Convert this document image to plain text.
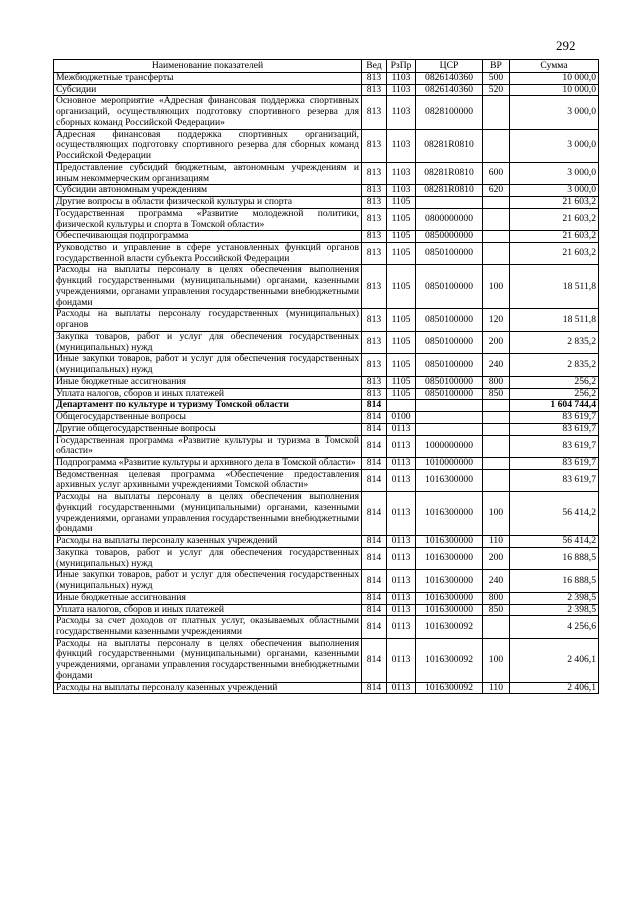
292
Наименование показателей	Вед	РзПр	ЦСР	ВР	Сумма
Межбюджетные трансферты	813	1103	0826140360	500	10 000,0
Субсидии	813	1103	0826140360	520	10 000,0
Основное мероприятие «Адресная финансовая поддержка спортивных организаций, осуществляющих подготовку спортивного резерва для сборных команд Российской Федерации»	813	1103	0828100000		3 000,0
Адресная финансовая поддержка спортивных организаций, осуществляющих подготовку спортивного резерва для сборных команд Российской Федерации	813	1103	08281R0810		3 000,0
Предоставление субсидий бюджетным, автономным учреждениям и иным некоммерческим организациям	813	1103	08281R0810	600	3 000,0
Субсидии автономным учреждениям	813	1103	08281R0810	620	3 000,0
Другие вопросы в области физической культуры и спорта	813	1105			21 603,2
Государственная программа «Развитие молодежной политики, физической культуры и спорта в Томской области»	813	1105	0800000000		21 603,2
Обеспечивающая подпрограмма	813	1105	0850000000		21 603,2
Руководство и управление в сфере установленных функций органов государственной власти субъекта Российской Федерации	813	1105	0850100000		21 603,2
Расходы на выплаты персоналу в целях обеспечения выполнения функций государственными (муниципальными) органами, казенными учреждениями, органами управления государственными внебюджетными фондами	813	1105	0850100000	100	18 511,8
Расходы на выплаты персоналу государственных (муниципальных) органов	813	1105	0850100000	120	18 511,8
Закупка товаров, работ и услуг для обеспечения государственных (муниципальных) нужд	813	1105	0850100000	200	2 835,2
Иные закупки товаров, работ и услуг для обеспечения государственных (муниципальных) нужд	813	1105	0850100000	240	2 835,2
Иные бюджетные ассигнования	813	1105	0850100000	800	256,2
Уплата налогов, сборов и иных платежей	813	1105	0850100000	850	256,2
Департамент по культуре и туризму Томской области	814				1 604 744,4
Общегосударственные вопросы	814	0100			83 619,7
Другие общегосударственные вопросы	814	0113			83 619,7
Государственная программа «Развитие культуры и туризма в Томской области»	814	0113	1000000000		83 619,7
Подпрограмма «Развитие культуры и архивного дела в Томской области»	814	0113	1010000000		83 619,7
Ведомственная целевая программа «Обеспечение предоставления архивных услуг архивными учреждениями Томской области»	814	0113	1016300000		83 619,7
Расходы на выплаты персоналу в целях обеспечения выполнения функций государственными (муниципальными) органами, казенными учреждениями, органами управления государственными внебюджетными фондами	814	0113	1016300000	100	56 414,2
Расходы на выплаты персоналу казенных учреждений	814	0113	1016300000	110	56 414,2
Закупка товаров, работ и услуг для обеспечения государственных (муниципальных) нужд	814	0113	1016300000	200	16 888,5
Иные закупки товаров, работ и услуг для обеспечения государственных (муниципальных) нужд	814	0113	1016300000	240	16 888,5
Иные бюджетные ассигнования	814	0113	1016300000	800	2 398,5
Уплата налогов, сборов и иных платежей	814	0113	1016300000	850	2 398,5
Расходы за счет доходов от платных услуг, оказываемых областными государственными казенными учреждениями	814	0113	1016300092		4 256,6
Расходы на выплаты персоналу в целях обеспечения выполнения функций государственными (муниципальными) органами, казенными учреждениями, органами управления государственными внебюджетными фондами	814	0113	1016300092	100	2 406,1
Расходы на выплаты персоналу казенных учреждений	814	0113	1016300092	110	2 406,1
